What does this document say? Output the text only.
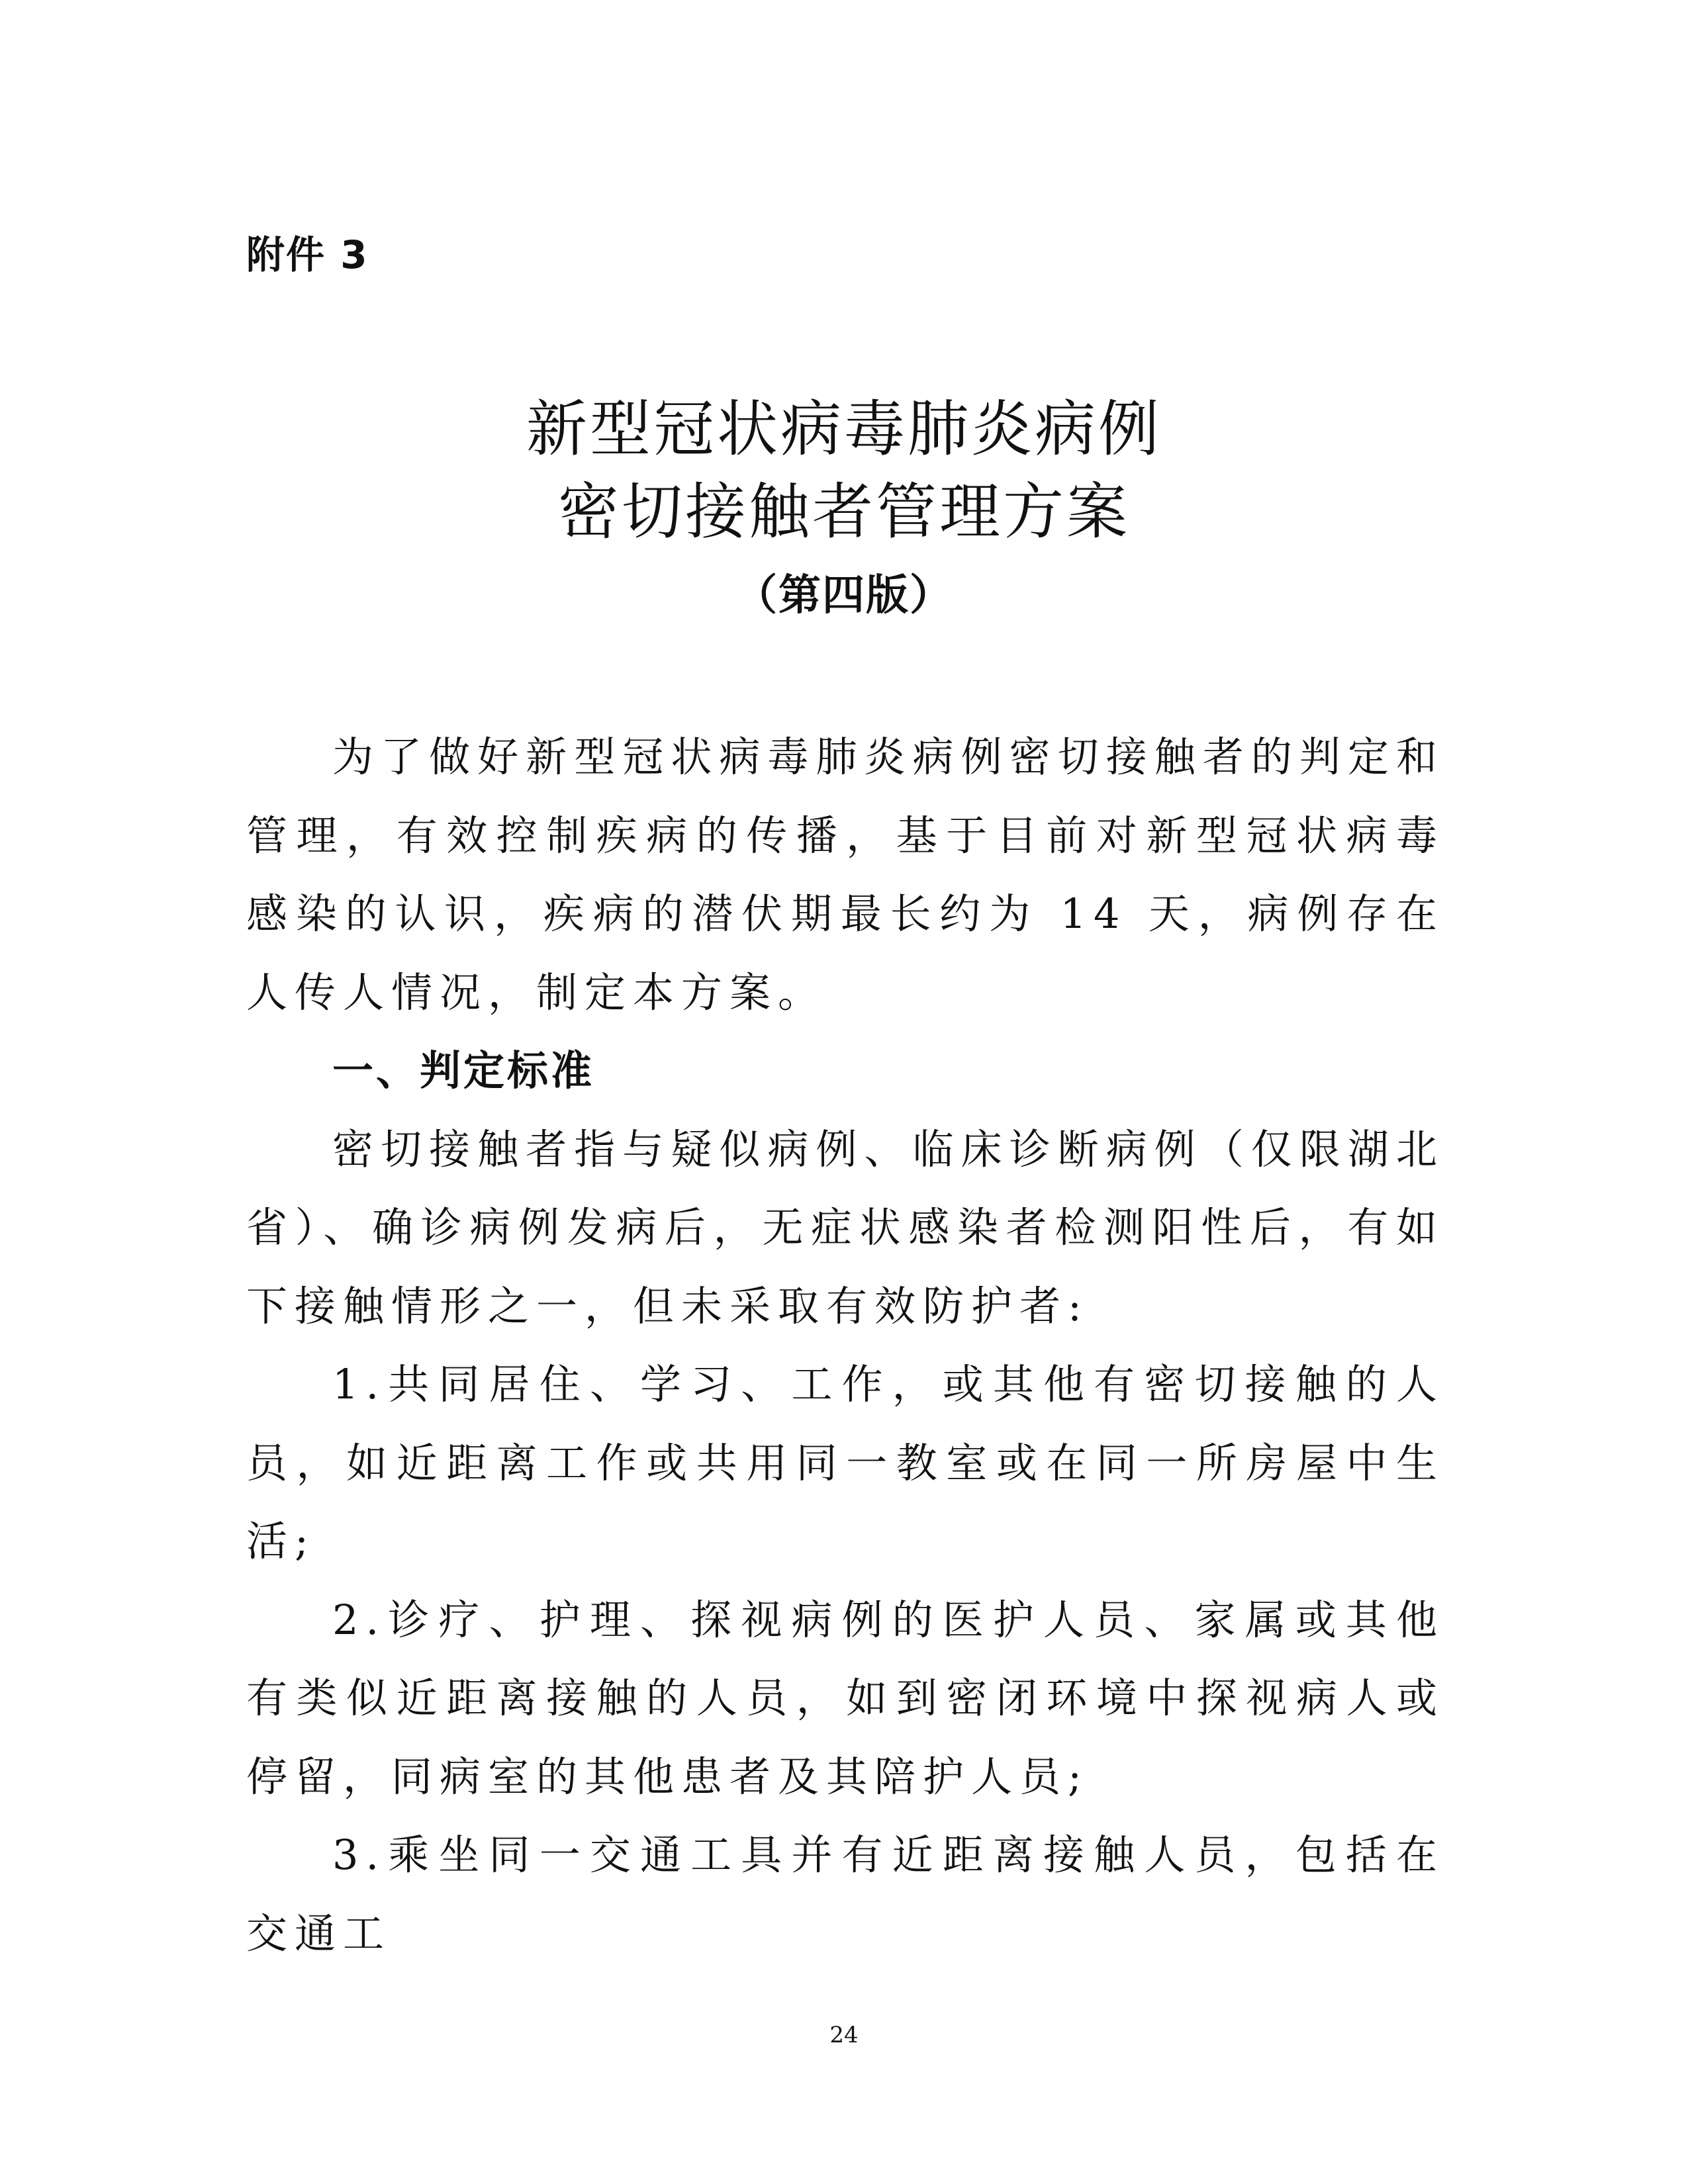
附件 3
新型冠状病毒肺炎病例
密切接触者管理方案
（第四版）

为了做好新型冠状病毒肺炎病例密切接触者的判定和管理，有效控制疾病的传播，基于目前对新型冠状病毒感染的认识，疾病的潜伏期最长约为 14 天，病例存在人传人情况，制定本方案。

一、判定标准

密切接触者指与疑似病例、临床诊断病例（仅限湖北省）、确诊病例发病后，无症状感染者检测阳性后，有如下接触情形之一，但未采取有效防护者:

1.共同居住、学习、工作，或其他有密切接触的人员，如近距离工作或共用同一教室或在同一所房屋中生活;

2.诊疗、护理、探视病例的医护人员、家属或其他有类似近距离接触的人员，如到密闭环境中探视病人或停留，同病室的其他患者及其陪护人员;

3.乘坐同一交通工具并有近距离接触人员，包括在交通工

24
